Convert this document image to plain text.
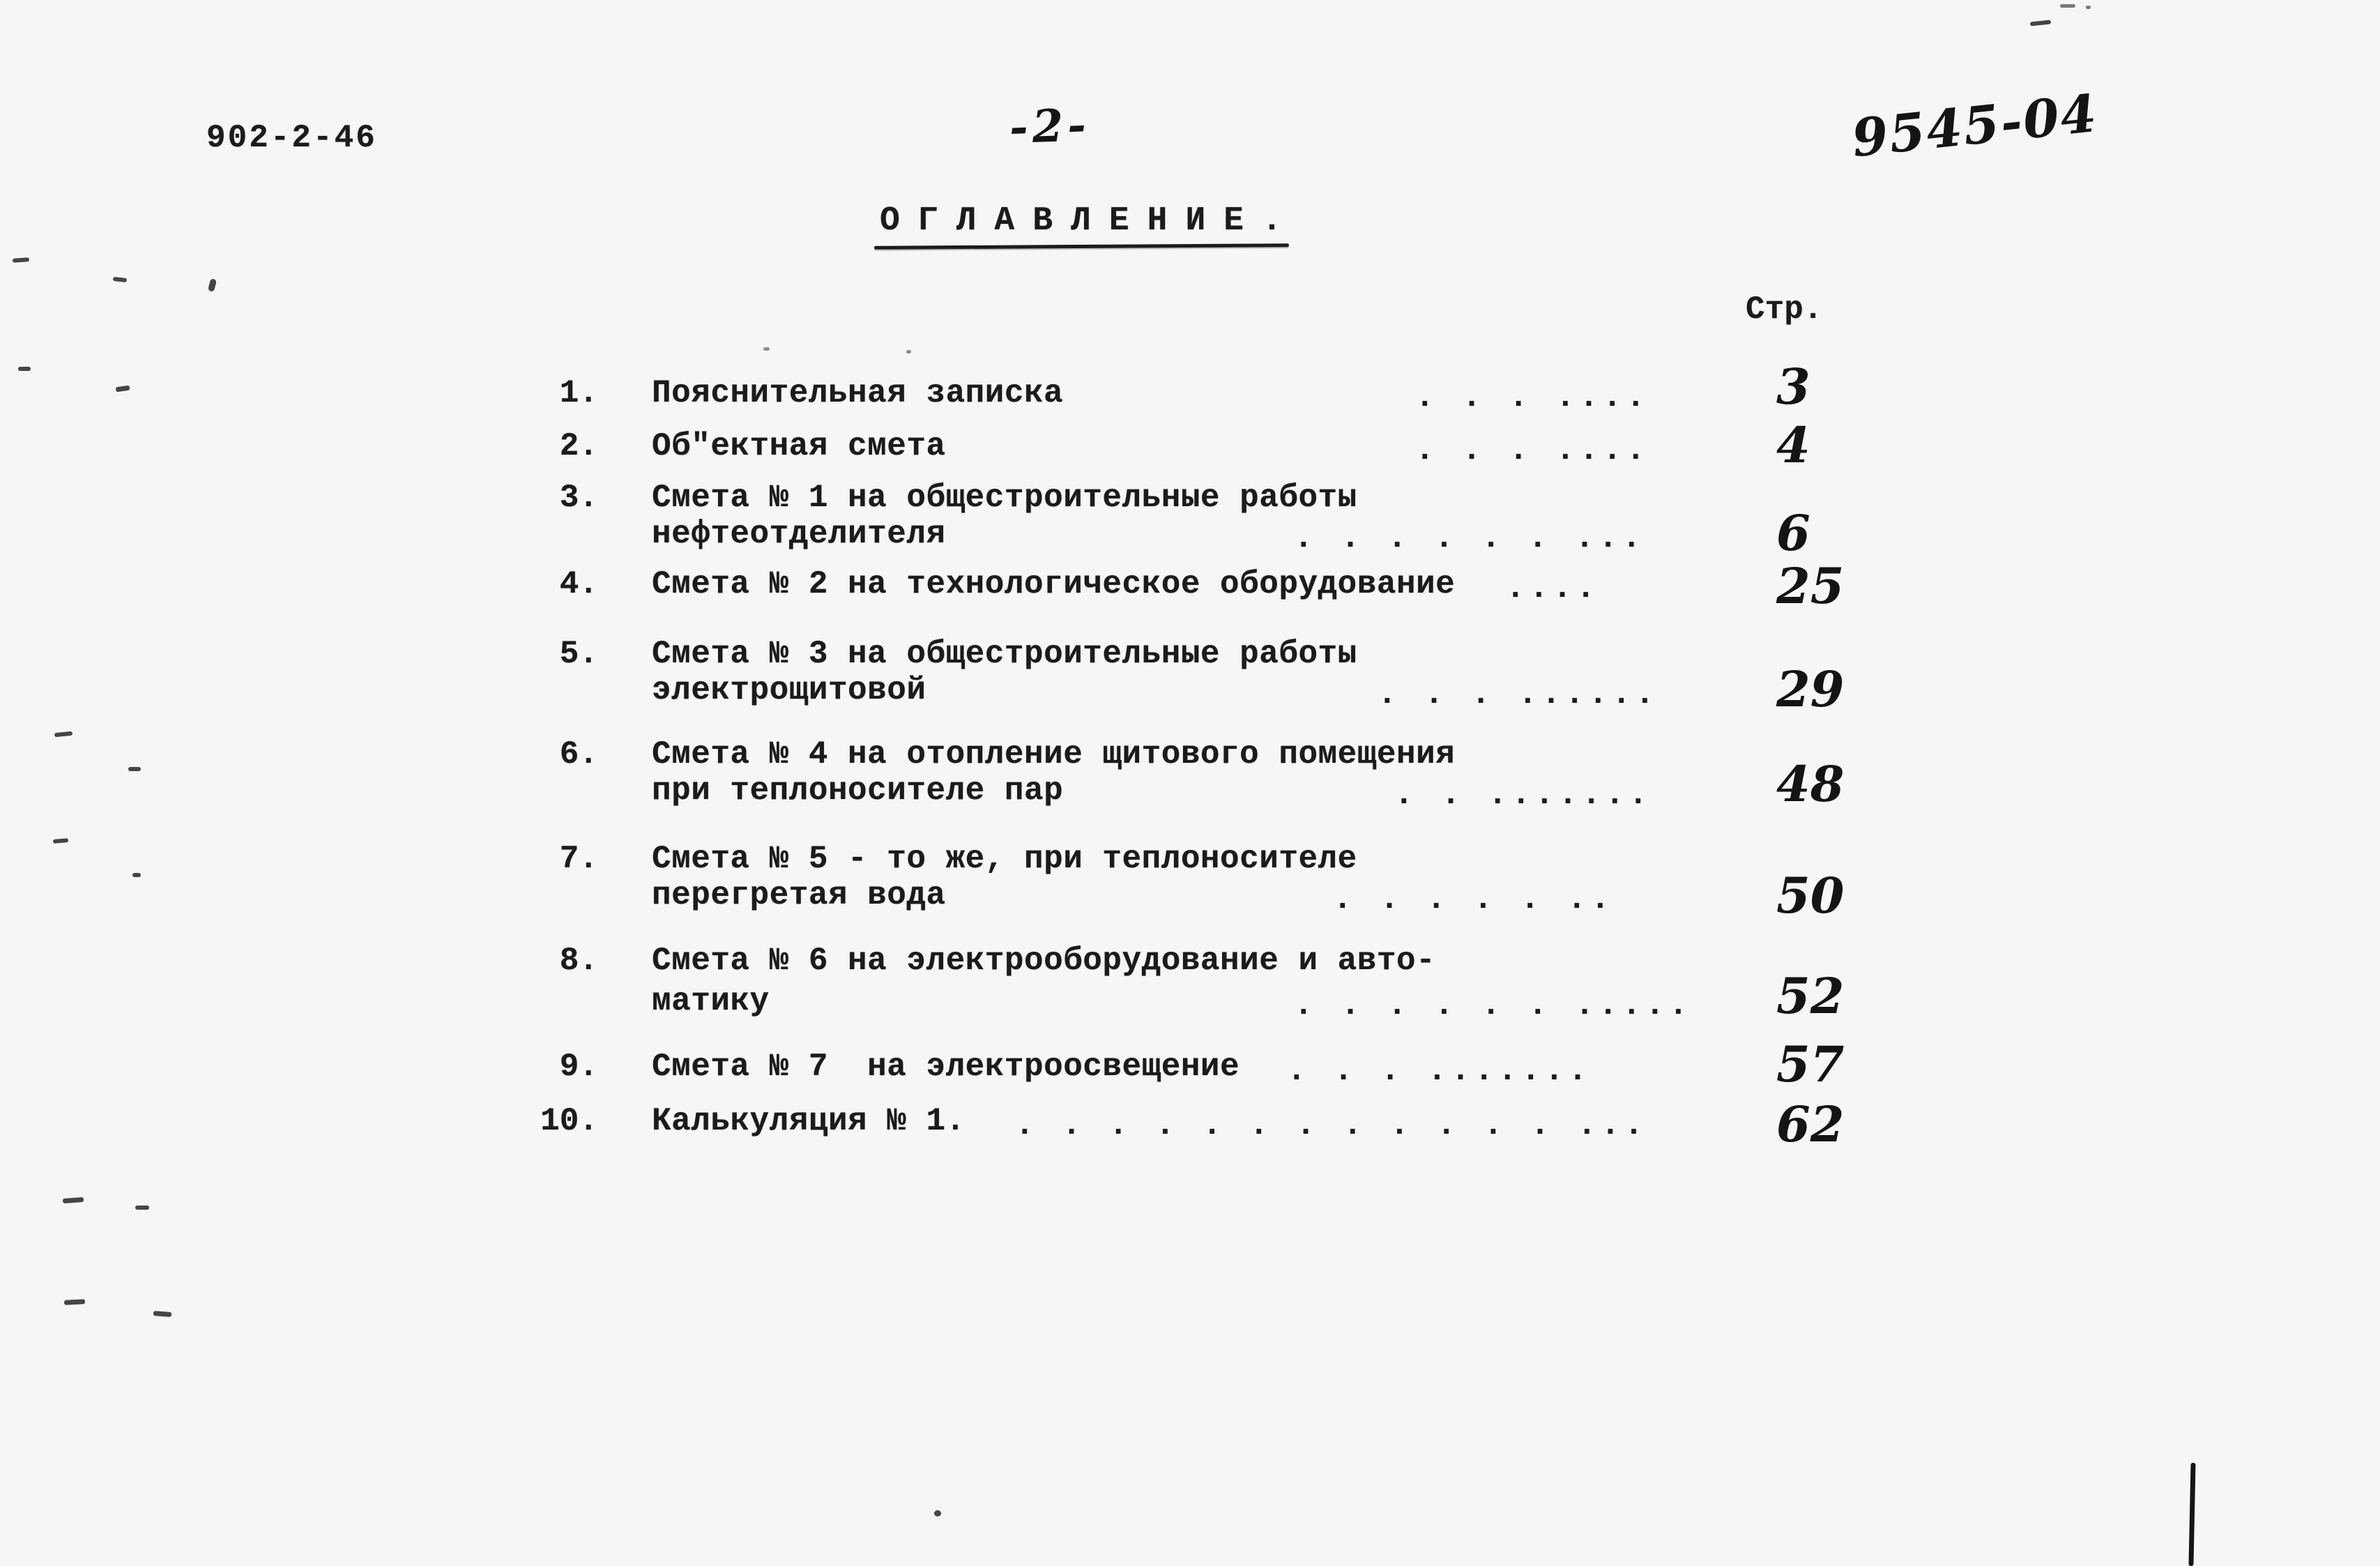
902-2-46	-2-	9545-04
ОГЛАВЛЕНИЕ.
Стр.
1. Пояснительная записка	. . . ....	3
2. Об"ектная смета	. . . ....	4
3. Смета № 1 на общестроительные работы
нефтеотделителя	. . . . . . ...	6
4. Смета № 2 на технологическое оборудование ....	25
5. Смета № 3 на общестроительные работы
электрощитовой	. . . ...... 29
6. Смета № 4 на отопление щитового помещения
при теплоносителе пар	. . .......	48
7. Смета № 5 - то же, при теплоносителе
перегретая вода	. . . . . ..	50
8. Смета № 6 на электрооборудование и авто-
матику	. . . . . . ..... 52
9. Смета № 7  на электроосвещение . . . .......	57
10. Калькуляция № 1. . . . . . . . . . . . . ...	62
